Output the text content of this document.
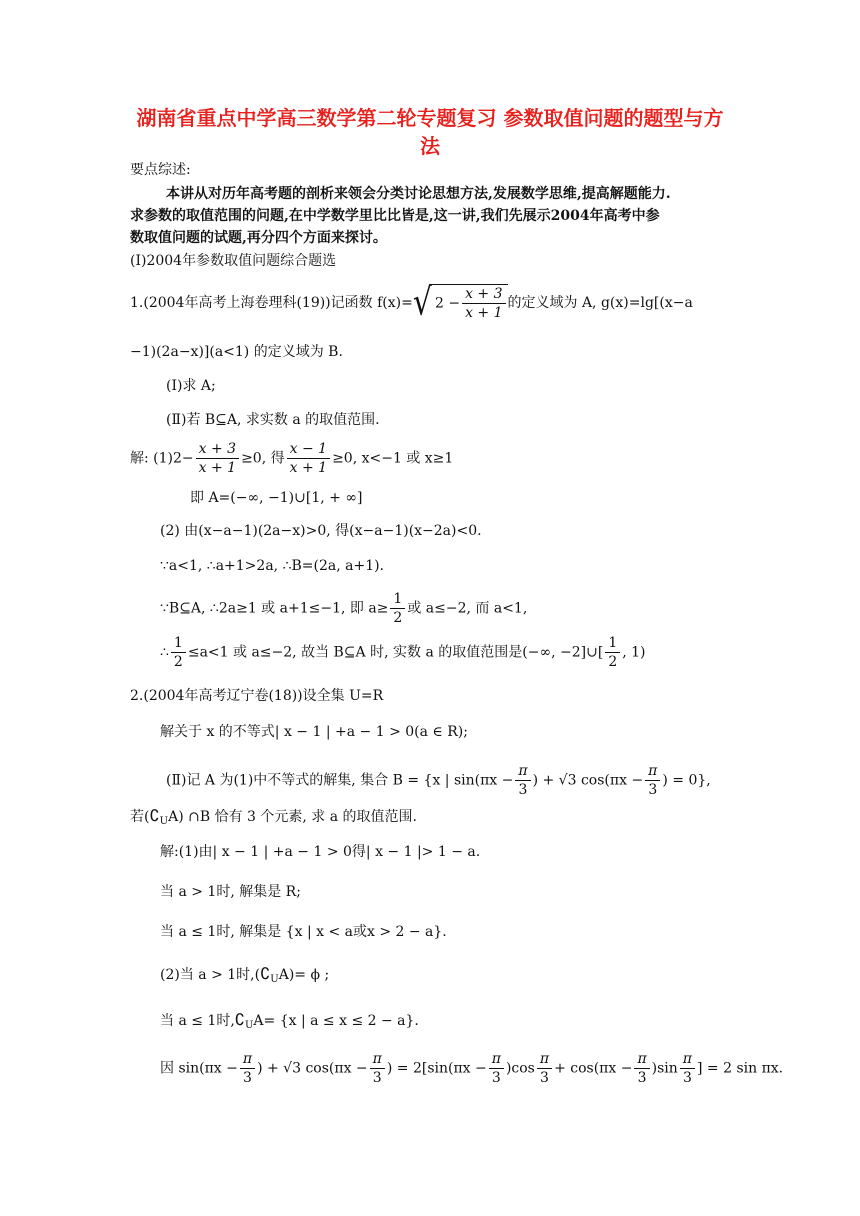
湖南省重点中学高三数学第二轮专题复习 参数取值问题的题型与方
法
要点综述:
本讲从对历年高考题的剖析来领会分类讨论思想方法,发展数学思维,提高解题能力.
求参数的取值范围的问题,在中学数学里比比皆是,这一讲,我们先展示2004年高考中参
数取值问题的试题,再分四个方面来探讨。
(Ⅰ)2004年参数取值问题综合题选
1.(2004年高考上海卷理科(19))记函数 f(x)=√ $2 - \frac{x + 3}{x + 1}$ 的定义域为 A, g(x)=lg[(x−a
−1)(2a−x)](a<1) 的定义域为 B.
(Ⅰ)求 A;
(Ⅱ)若 B⊆A, 求实数 a 的取值范围.
解: $(1)2- \frac{x + 3}{x + 1} \ge 0$, 得 $\frac{x - 1}{x + 1} \ge 0$, x<−1 或 x≥1
即 A=(−∞, −1)∪[1, + ∞]
(2) 由(x−a−1)(2a−x)>0, 得(x−a−1)(x−2a)<0.
∵a<1, ∴a+1>2a, ∴B=(2a, a+1).
∵B⊆A, ∴2a≥1 或 a+1≤−1, 即 $a\ge \frac{1}{2}$ 或 a≤−2, 而 a<1,
∴ $\frac{1}{2} \le a<1$ 或 a≤−2, 故当 B⊆A 时, 实数 a 的取值范围是(−∞, −2]∪[ $\frac{1}{2}$ , 1)
2.(2004年高考辽宁卷(18))设全集 U=R
解关于 x 的不等式| x − 1 | +a − 1 > 0(a ∈ R);
(Ⅱ)记 A 为(1)中不等式的解集, 集合 B = {x | $\sin(\pi x - \frac{\pi}{3}$ ) + √3 $\cos(\pi x - \frac{\pi}{3}$ ) = 0},
若$(∁_UA)$ ∩B 恰有 3 个元素, 求 a 的取值范围.
解:(1)由| x − 1 | +a − 1 > 0得| x − 1 |> 1 − a.
当 a > 1时, 解集是 R;
当 a ≤ 1时, 解集是 {x | x < a或x > 2 − a}.
(2)当 a > 1时$,(∁_UA)= \phi$ ;
当 a ≤ 1时$,∁_UA= \{x$ | a ≤ x ≤ 2 − a}.
因 $\sin(\pi x - \frac{\pi}{3}$ ) + √3 $\cos(\pi x - \frac{\pi}{3}$ ) = $2[\sin(\pi x - \frac{\pi}{3} )\cos \frac{\pi}{3} + \cos(\pi x - \frac{\pi}{3} )\sin \frac{\pi}{3}$ ] = 2 sin πx.
